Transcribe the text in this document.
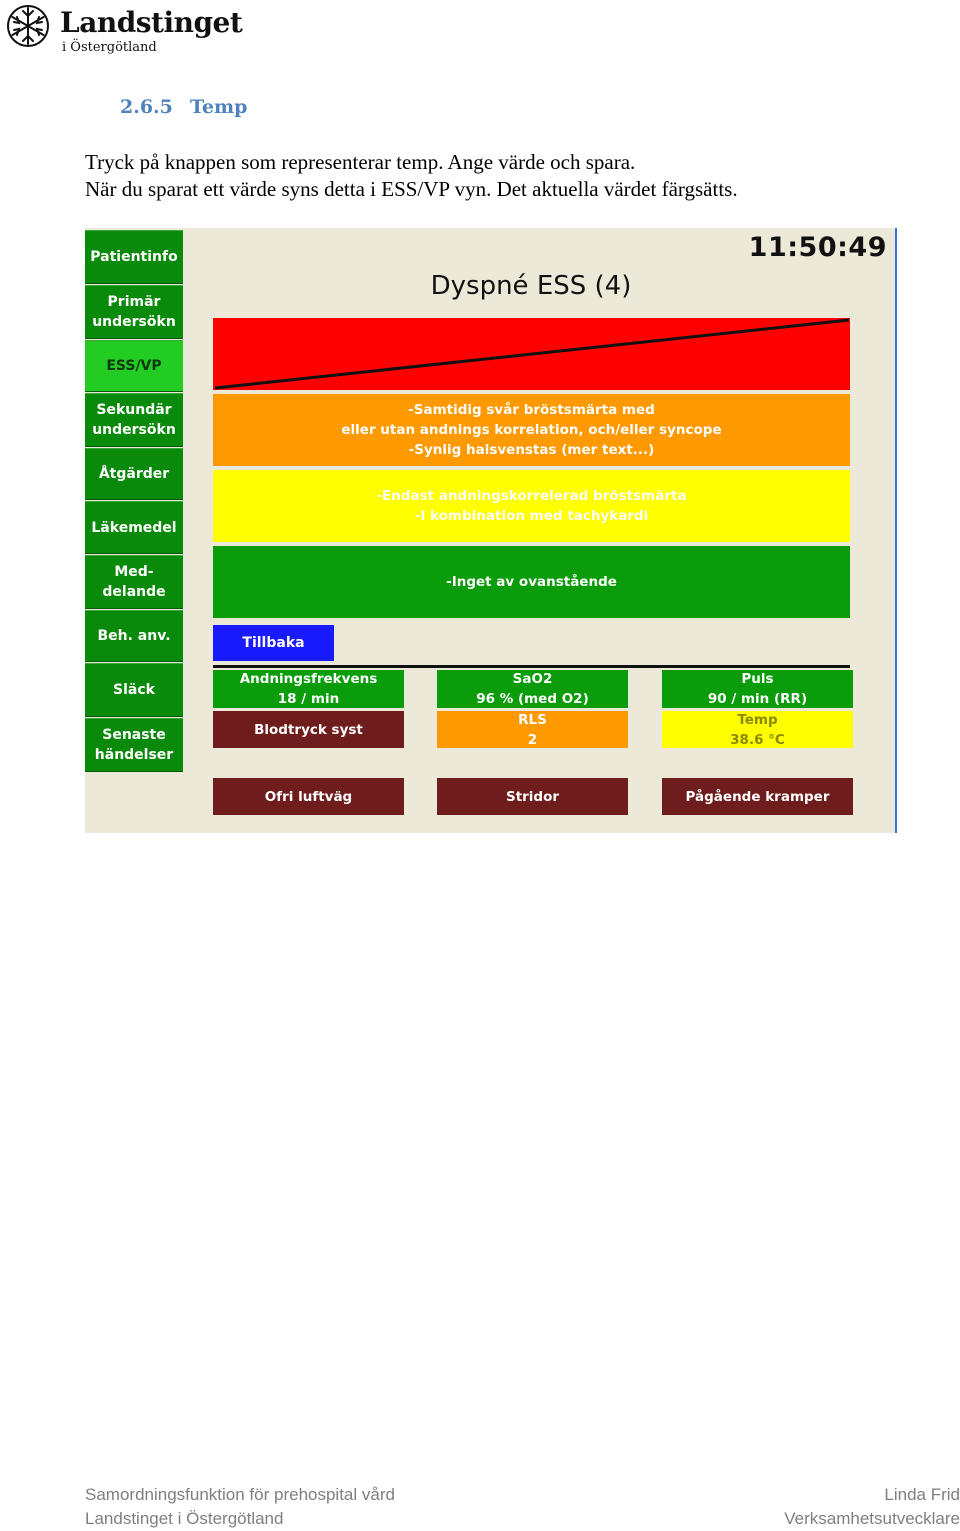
Landstinget
i Östergötland
2.6.5 Temp

Tryck på knappen som representerar temp. Ange värde och spara.

När du sparat ett värde syns detta i ESS/VP vyn. Det aktuella värdet färgsätts.

Patientinfo
Primär
undersökn
ESS/VP
Sekundär
undersökn
Åtgärder
Läkemedel
Med-
delande
Beh. anv.
Släck
Senaste
händelser
11:50:49
Dyspné ESS (4)
-Samtidig svår bröstsmärta med
eller utan andnings korrelation, och/eller syncope
-Synlig halsvenstas (mer text...)
-Endast andningskorrelerad bröstsmärta
-I kombination med tachykardi
-Inget av ovanstående
Tillbaka
Andningsfrekvens
18 / min
Blodtryck syst
SaO2
96 % (med O2)
RLS
2
Puls
90 / min (RR)
Temp
38.6 °C
Ofri luftväg	Stridor	Pågående kramper

Samordningsfunktion för prehospital vård

Landstinget i Östergötland

Linda Frid

Verksamhetsutvecklare
